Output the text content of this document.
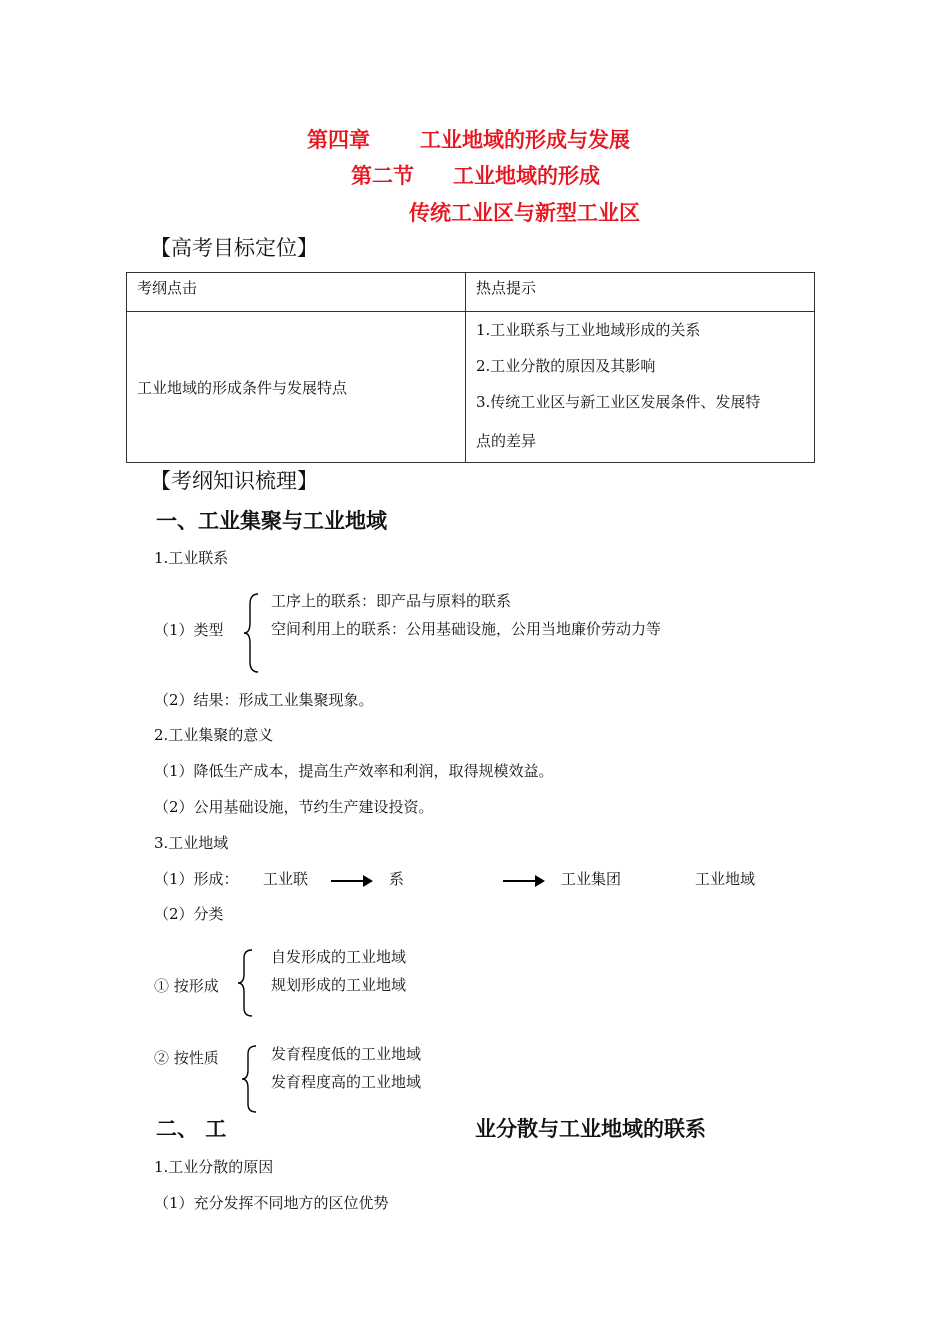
第四章 工业地域的形成与发展
第二节 工业地域的形成
传统工业区与新型工业区
【高考目标定位】
考纲点击	热点提示
工业地域的形成条件与发展特点	1.工业联系与工业地域形成的关系
2.工业分散的原因及其影响
3.传统工业区与新工业区发展条件、发展特
点的差异
【考纲知识梳理】
一、工业集聚与工业地域
1.工业联系
（1）类型
工序上的联系：即产品与原料的联系
空间利用上的联系：公用基础设施，公用当地廉价劳动力等
（2）结果：形成工业集聚现象。
2.工业集聚的意义
（1）降低生产成本，提高生产效率和利润，取得规模效益。
（2）公用基础设施，节约生产建设投资。
3.工业地域
（1）形成： 工业联	系	工业集团	工业地域
（2）分类
① 按形成
自发形成的工业地域
规划形成的工业地域
② 按性质	发育程度低的工业地域
发育程度高的工业地域
二、 工	业分散与工业地域的联系
1.工业分散的原因
（1）充分发挥不同地方的区位优势
